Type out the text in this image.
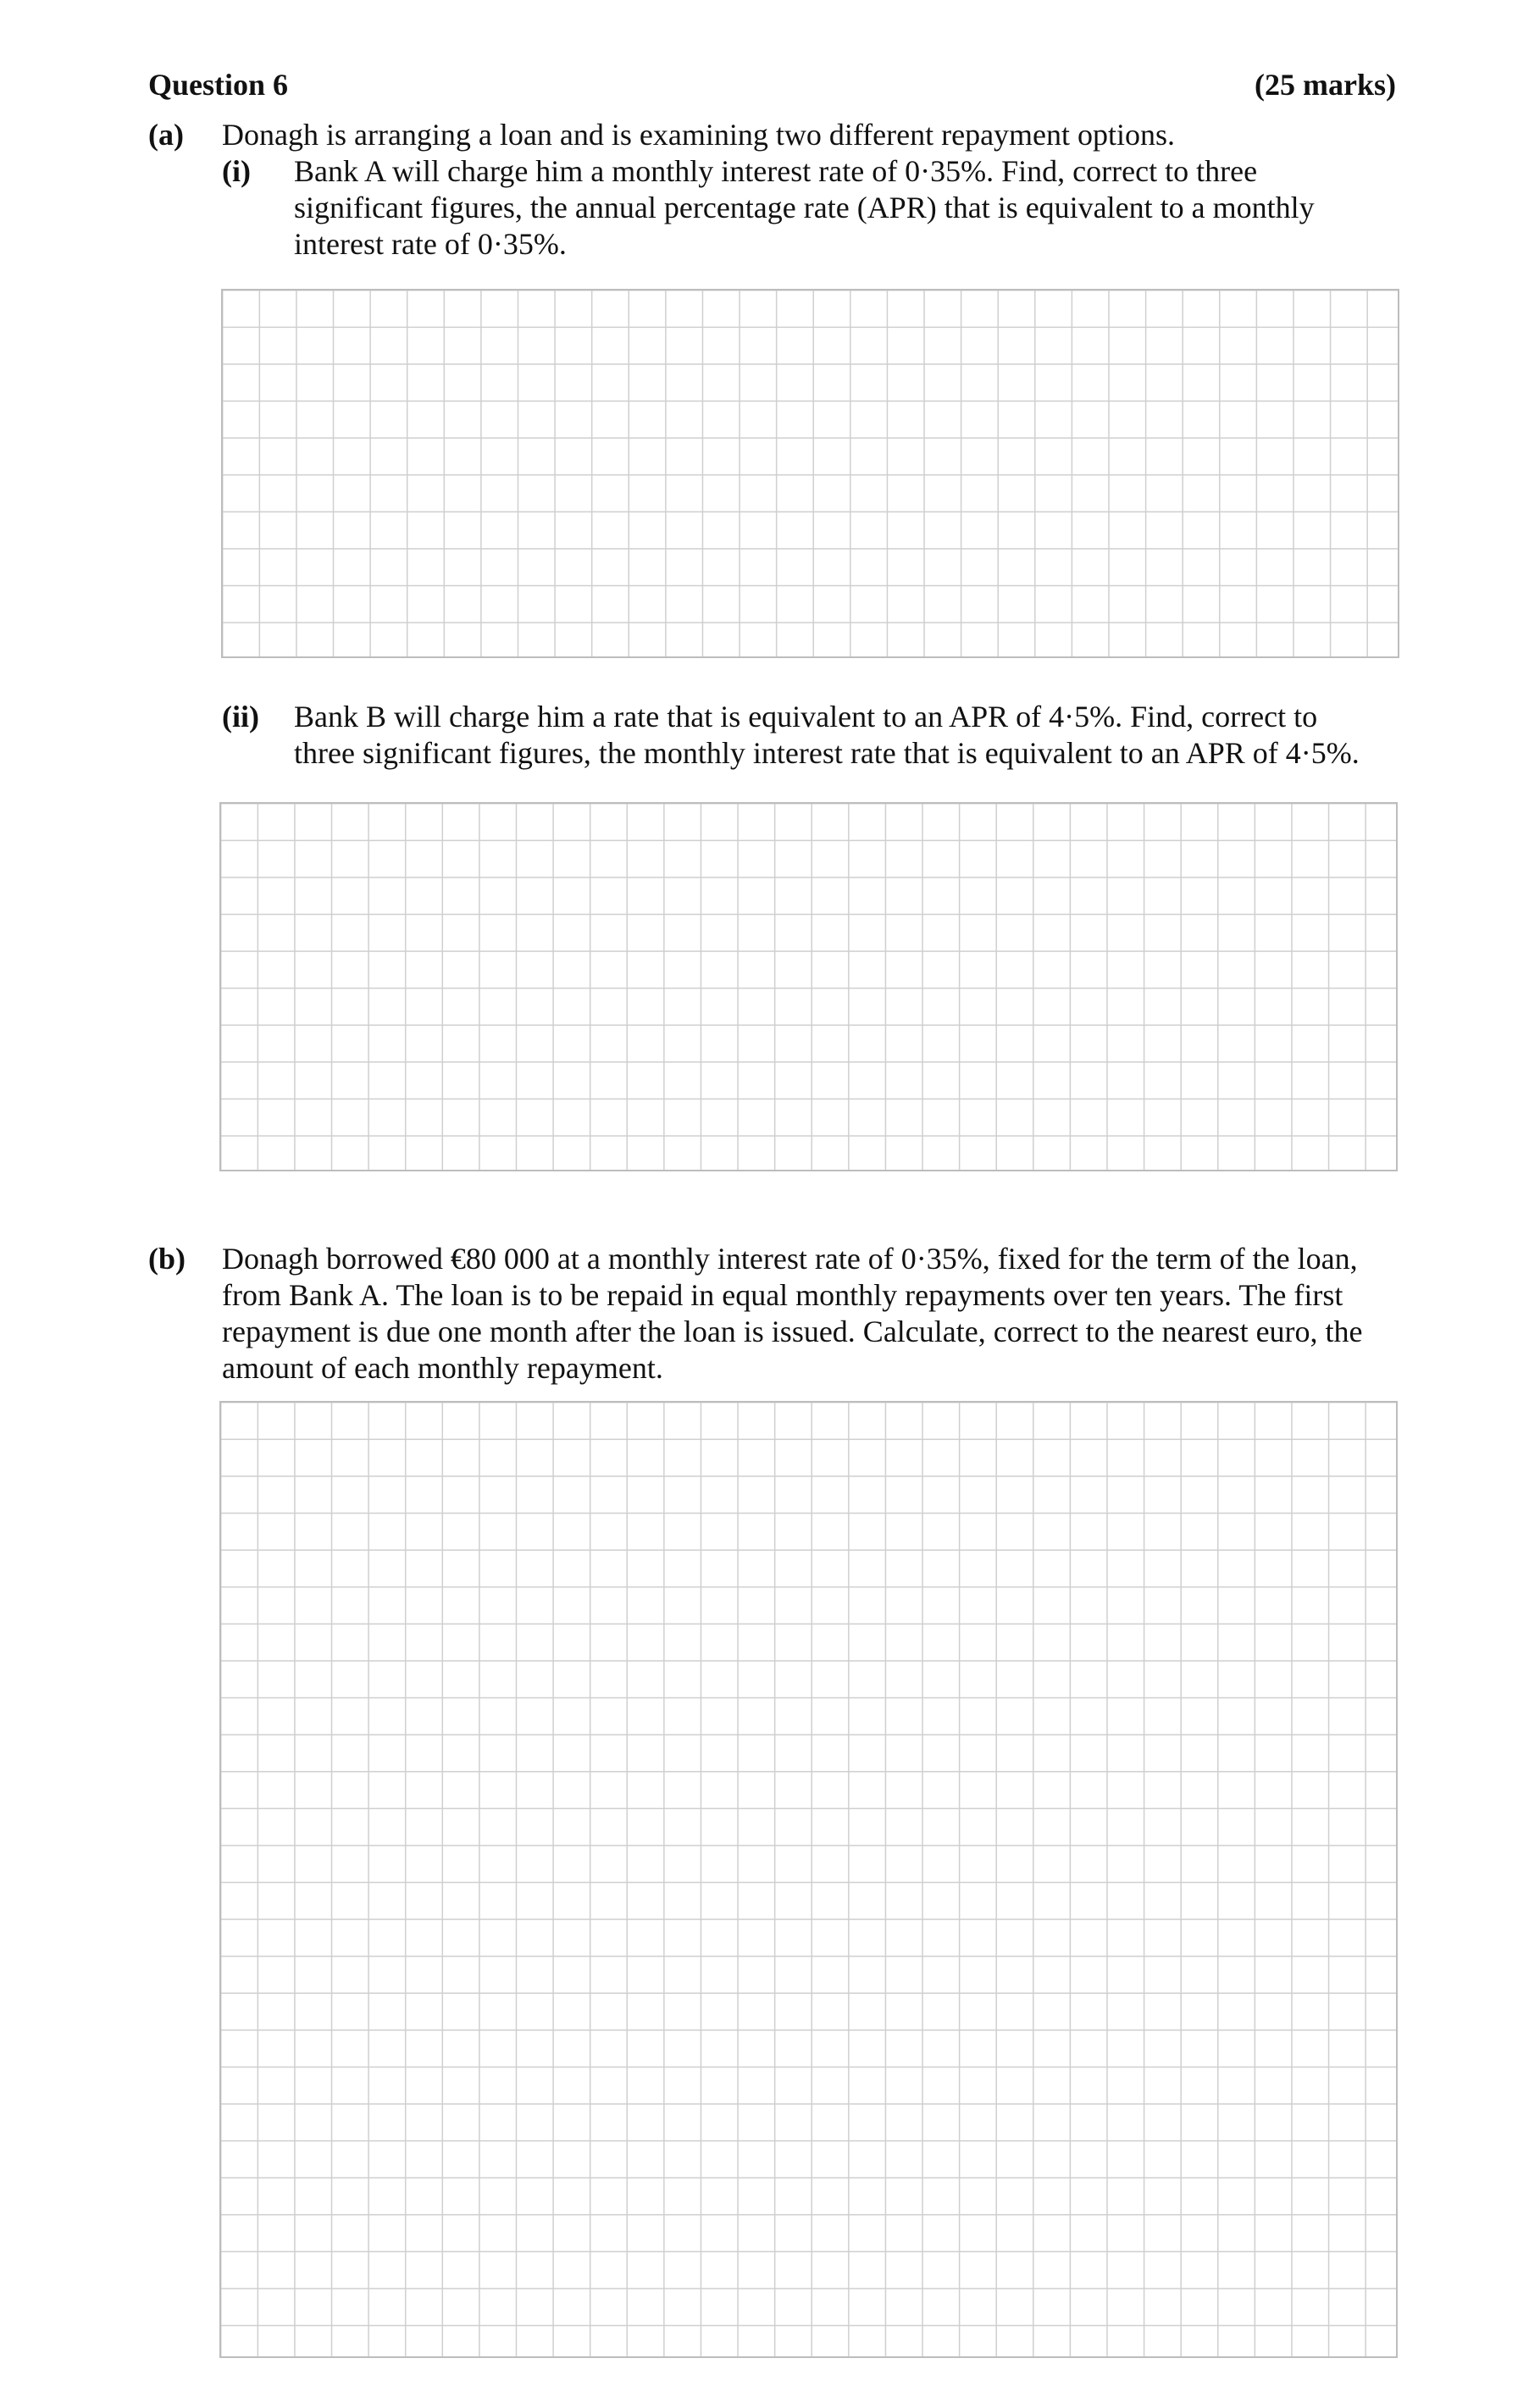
Question 6	(25 marks)
(a) Donagh is arranging a loan and is examining two different repayment options.
(i) Bank A will charge him a monthly interest rate of 0·35%. Find, correct to three
significant figures, the annual percentage rate (APR) that is equivalent to a monthly
interest rate of 0·35%.
(ii) Bank B will charge him a rate that is equivalent to an APR of 4·5%. Find, correct to
three significant figures, the monthly interest rate that is equivalent to an APR of 4·5%.
(b) Donagh borrowed €80 000 at a monthly interest rate of 0·35%, fixed for the term of the loan,
from Bank A. The loan is to be repaid in equal monthly repayments over ten years. The first
repayment is due one month after the loan is issued. Calculate, correct to the nearest euro, the
amount of each monthly repayment.
